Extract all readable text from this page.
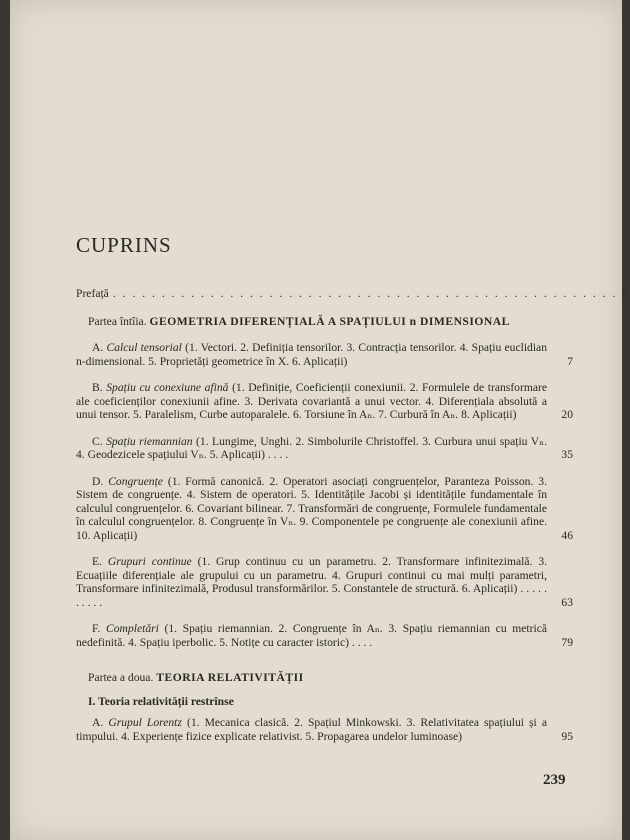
CUPRINS
Prefață . . . . . . . . . . . . . . . . . . . . . . . . . . . . . . . . . . . . . . . . . . . . . . . . . . . . 5
Partea întîia. GEOMETRIA DIFERENȚIALĂ A SPAȚIULUI n DIMENSIONAL
A. Calcul tensorial (1. Vectori. 2. Definiția tensorilor. 3. Contracția tensorilor. 4. Spațiu euclidian n-dimensional. 5. Proprietăți geometrice în X. 6. Aplicații)	7
B. Spațiu cu conexiune afină (1. Definiție, Coeficienții conexiunii. 2. Formulele de transformare ale coeficienților conexiunii afine. 3. Derivata covariantă a unui vector. 4. Diferențiala absolută a unui tensor. 5. Paralelism, Curbe autoparalele. 6. Torsiune în Aₙ. 7. Curbură în Aₙ. 8. Aplicații)	20
C. Spațiu riemannian (1. Lungime, Unghi. 2. Simbolurile Christoffel. 3. Curbura unui spațiu Vₙ. 4. Geodezicele spațiului Vₙ. 5. Aplicații) . . . .	35
D. Congruențe (1. Formă canonică. 2. Operatori asociați congruențelor, Paranteza Poisson. 3. Sistem de congruențe. 4. Sistem de operatori. 5. Identitățile Jacobi și identitățile fundamentale în calculul congruențelor. 6. Covariant bilinear. 7. Transformări de congruențe, Formulele fundamentale în calculul congruențelor. 8. Congruențe în Vₙ. 9. Componentele pe congruențe ale conexiunii afine. 10. Aplicații)	46
E. Grupuri continue (1. Grup continuu cu un parametru. 2. Transformare infinitezimală. 3. Ecuațiile diferențiale ale grupului cu un parametru. 4. Grupuri continui cu mai mulți parametri, Transformare infinitezimală, Produsul transformărilor. 5. Constantele de structură. 6. Aplicații) . . . . . . . . . .	63
F. Completări (1. Spațiu riemannian. 2. Congruențe în Aₙ. 3. Spațiu riemannian cu metrică nedefinită. 4. Spațiu iperbolic. 5. Notițe cu caracter istoric) . . . .	79
Partea a doua. TEORIA RELATIVITĂȚII
I. Teoria relativității restrînse
A. Grupul Lorentz (1. Mecanica clasică. 2. Spațiul Minkowski. 3. Relativitatea spațiului și a timpului. 4. Experiențe fizice explicate relativist. 5. Propagarea undelor luminoase)	95
239
